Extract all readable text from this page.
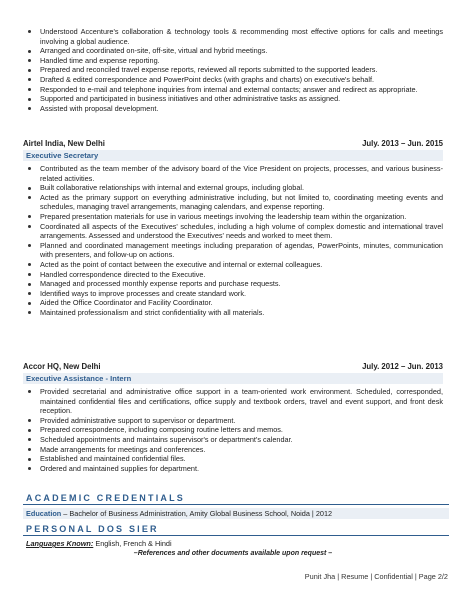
Understood Accenture's collaboration & technology tools & recommending most effective options for calls and meetings involving a global audience.
Arranged and coordinated on-site, off-site, virtual and hybrid meetings.
Handled time and expense reporting.
Prepared and reconciled travel expense reports, reviewed all reports submitted to the supported leaders.
Drafted & edited correspondence and PowerPoint decks (with graphs and charts) on executive's behalf.
Responded to e-mail and telephone inquiries from internal and external contacts; answer and redirect as appropriate.
Supported and participated in business initiatives and other administrative tasks as assigned.
Assisted with proposal development.
Airtel India, New Delhi	July. 2013 – Jun. 2015
Executive Secretary
Contributed as the team member of the advisory board of the Vice President on projects, processes, and various business-related activities.
Built collaborative relationships with internal and external groups, including global.
Acted as the primary support on everything administrative including, but not limited to, coordinating meeting events and schedules, managing travel arrangements, managing calendars, and expense reporting.
Prepared presentation materials for use in various meetings involving the leadership team within the organization.
Coordinated all aspects of the Executives' schedules, including a high volume of complex domestic and international travel arrangements. Assessed and understood the Executives' needs and worked to meet them.
Planned and coordinated management meetings including preparation of agendas, PowerPoints, minutes, communication with presenters, and follow-up on actions.
Acted as the point of contact between the executive and internal or external colleagues.
Handled correspondence directed to the Executive.
Managed and processed monthly expense reports and purchase requests.
Identified ways to improve processes and create standard work.
Aided the Office Coordinator and Facility Coordinator.
Maintained professionalism and strict confidentiality with all materials.
Accor HQ, New Delhi	July. 2012 – Jun. 2013
Executive Assistance - Intern
Provided secretarial and administrative office support in a team-oriented work environment. Scheduled, corresponded, maintained confidential files and certifications, office supply and textbook orders, travel and event support, and front desk reception.
Provided administrative support to supervisor or department.
Prepared correspondence, including composing routine letters and memos.
Scheduled appointments and maintains supervisor's or department's calendar.
Made arrangements for meetings and conferences.
Established and maintained confidential files.
Ordered and maintained supplies for department.
ACADEMIC CREDENTIALS
Education – Bachelor of Business Administration, Amity Global Business School, Noida | 2012
PERSONAL DOS SIER
Languages Known: English, French & Hindi
–References and other documents available upon request –
Punit Jha | Resume | Confidential | Page 2/2
